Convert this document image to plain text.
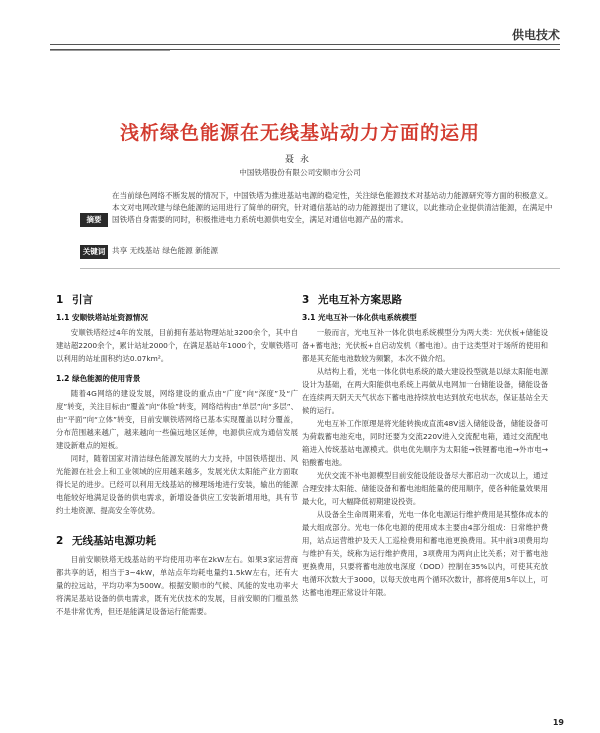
供电技术
浅析绿色能源在无线基站动力方面的运用
聂永
中国铁塔股份有限公司安顺市分公司
摘要
在当前绿色网络不断发展的情况下，中国铁塔为推进基站电源的稳定性，关注绿色能源技术对基站动力能源研究等方面的积极意义。本文对电网改建与绿色能源的运用进行了简单的研究，针对通信基站的动力能源提出了建议，以此推动企业提供清洁能源，在满足中国铁塔自身需要的同时，积极推进电力系统电源供电安全，满足对通信电源产品的需求。
关键词 共享 无线基站 绿色能源 新能源
1 引言
1.1 安顺铁塔站址资源情况

安顺铁塔经过4年的发展，目前拥有基站物理站址3200余个，其中自建站超2200余个，累计站址2000个，在满足基站年1000个，安顺铁塔可以利用的站址面积约达0.07km²。

1.2 绿色能源的使用背景

随着4G网络的建设发展，网络建设的重点由“广度”向“深度”及“广度”转变，关注目标由“覆盖”向“体验”转变，网络结构由“单层”向“多层”、由“平面”向“立体”转变，目前安顺铁塔网络已基本实现覆盖以时分覆盖，分布范围越来越广，越来越向一些偏远地区延伸，电源供应成为通信发展建设新难点的短板。

同时，随着国家对清洁绿色能源发展的大力支持，中国铁塔提出、风光能源在社会上和工业领域的应用越来越多，发展光伏太阳能产业方面取得长足的进步。已经可以利用无线基站的梯理场地进行安装，输出的能源电能较好地满足设备的供电需求，新增设备供应工安装新增用地，具有节约土地资源、提高安全等优势。

2 无线基站电源功耗

目前安顺铁塔无线基站的平均使用功率在2kW左右。如果3家运营商都共享的话，相当于3~4kW，单站点年均耗电量约1.5kW左右，还有大量的拉远站，平均功率为500W。根据安顺市的气候、风能的发电功率大将满足基站设备的供电需求，既有光伏技术的发展，目前安顺的门槛虽然不是非常优秀，但还是能满足设备运行能需要。

3 光电互补方案思路
3.1 光电互补一体化供电系统模型

一般而言，光电互补一体化供电系统模型分为两大类：光伏板+储能设备+蓄电池；光伏板+自启动发机（蓄电池）。由于这类型对于场所的使用和都是其充能电池数较为频繁，本次不做介绍。

从结构上看，光电一体化供电系统的最大建设投型就是以绿太阳能电源设计为基础，在两大阳能供电系统上再做从电网加一台储能设备，储能设备在连续两天阴天天气状态下蓄电池持续放电达到放充电状态，保证基站全天候的运行。

光电互补工作原理是将光能转换成直流48V送入储能设备，储能设备可为荷载蓄电池充电，同时还要为交流220V进入交流配电箱，通过交流配电箱进入传统基站电源模式。供电优先顺序为太阳能→铁锂蓄电池→外市电→铅酸蓄电池。

光伏交流不补电源模型目前安能设能设备尽大都启动一次成以上，通过合理安排太阳能、储能设备和蓄电池组能量的使用顺序，使各种能量效果用最大化，可大幅降低初期建设投资。

从设备全生命周期来看，光电一体化电源运行维护费用是其整体成本的最大组成部分。光电一体化电源的使用成本主要由4部分组成：日常维护费用，站点运营维护及天人工巡检费用和蓄电池更换费用。其中前3项费用均与维护有关，统称为运行维护费用，3项费用为两向止比关系；对于蓄电池更换费用，只要将蓄电池放电深度（DOD）控制在35%以内，可使其充放电循环次数大于3000，以每天放电两个循环次数计，都将使用5年以上，可达蓄电池理正常设计年限。

19
